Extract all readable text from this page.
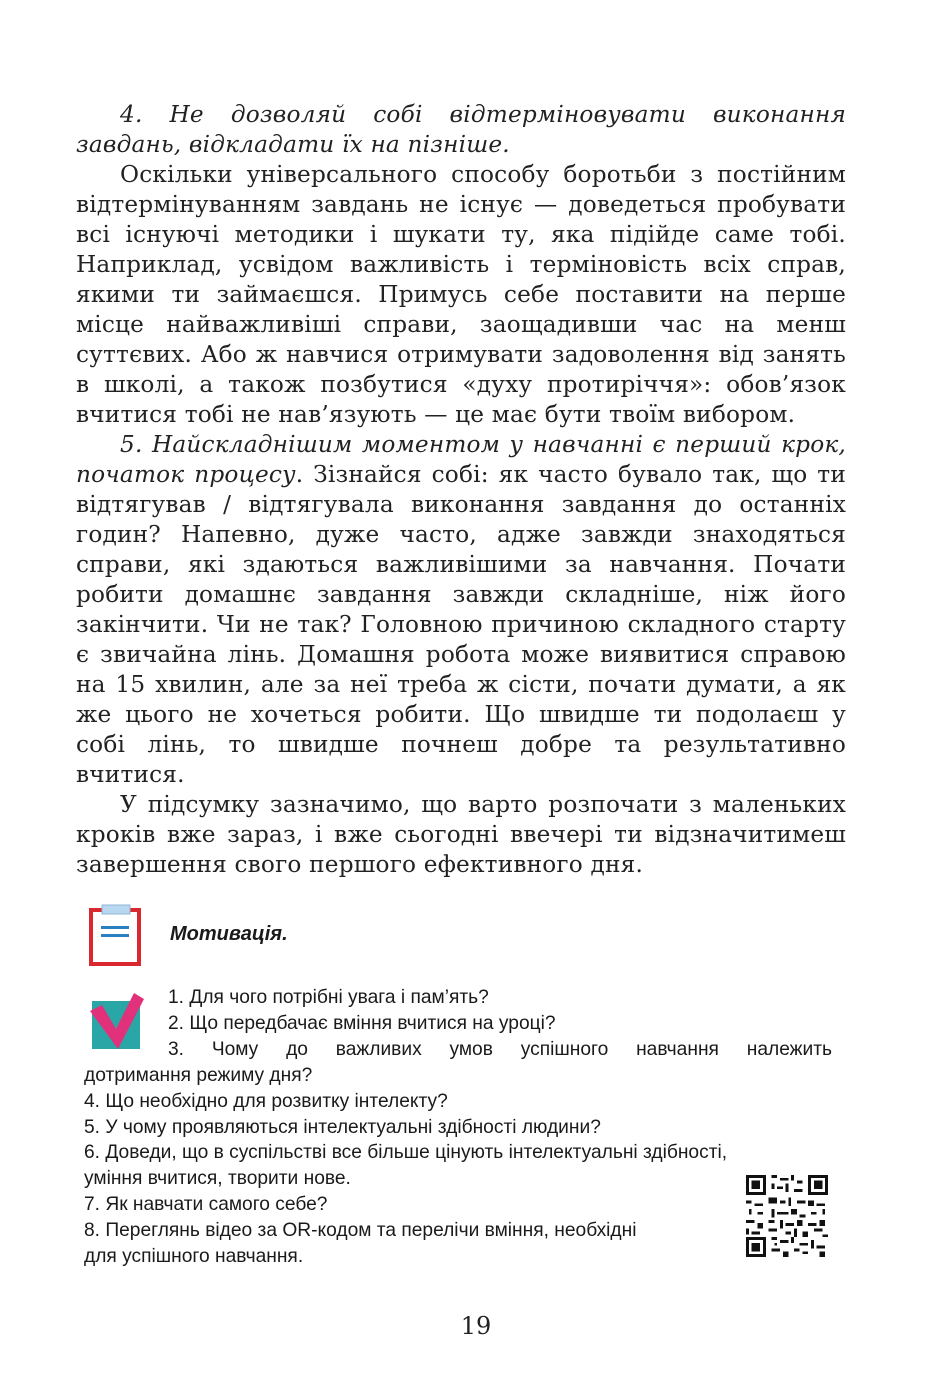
4. Не дозволяй собі відтерміновувати виконання завдань, відкладати їх на пізніше.

Оскільки універсального способу боротьби з постійним відтермінуванням завдань не існує — доведеться пробувати всі існуючі методики і шукати ту, яка підійде саме тобі. Наприклад, усвідом важливість і терміновість всіх справ, якими ти займаєшся. Примусь себе поставити на перше місце найважливіші справи, заощадивши час на менш суттєвих. Або ж навчися отримувати задоволення від занять в школі, а також позбутися «духу протиріччя»: обов’язок вчитися тобі не нав’язують — це має бути твоїм вибором.

5. Найскладнішим моментом у навчанні є перший крок, початок процесу. Зізнайся собі: як часто бувало так, що ти відтягував / відтягувала виконання завдання до останніх годин? Напевно, дуже часто, адже завжди знаходяться справи, які здаються важливішими за навчання. Почати робити домашнє завдання завжди складніше, ніж його закінчити. Чи не так? Головною причиною складного старту є звичайна лінь. Домашня робота може виявитися справою на 15 хвилин, але за неї треба ж сісти, почати думати, а як же цього не хочеться робити. Що швидше ти подолаєш у собі лінь, то швидше почнеш добре та результативно вчитися.

У підсумку зазначимо, що варто розпочати з маленьких кроків вже зараз, і вже сьогодні ввечері ти відзначитимеш завершення свого першого ефективного дня.

Мотивація.

1. Для чого потрібні увага і пам’ять?

2. Що передбачає вміння вчитися на уроці?

3. Чому до важливих умов успішного навчання належить

дотримання режиму дня?

4. Що необхідно для розвитку інтелекту?

5. У чому проявляються інтелектуальні здібності людини?

6. Доведи, що в суспільстві все більше цінують інтелектуальні здібності,

уміння вчитися, творити нове.

7. Як навчати самого себе?

8. Переглянь відео за OR-кодом та перелічи вміння, необхідні

для успішного навчання.

19
